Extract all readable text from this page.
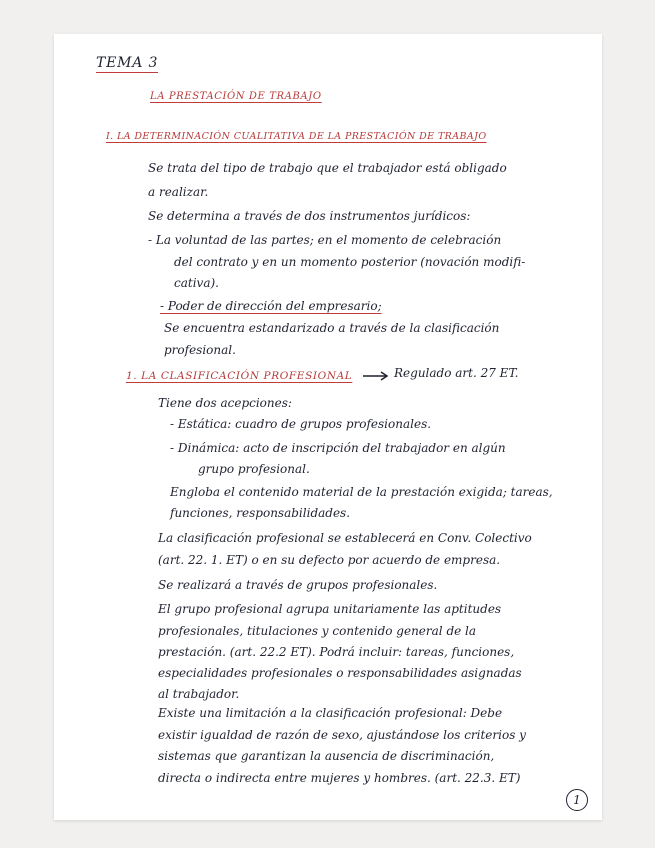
TEMA 3
LA PRESTACIÓN DE TRABAJO
I. LA DETERMINACIÓN CUALITATIVA DE LA PRESTACIÓN DE TRABAJO
Se trata del tipo de trabajo que el trabajador está obligado
a realizar.
Se determina a través de dos instrumentos jurídicos:
- La voluntad de las partes; en el momento de celebración
del contrato y en un momento posterior (novación modifi-
cativa).
- Poder de dirección del empresario;
Se encuentra estandarizado a través de la clasificación
profesional.
1. LA CLASIFICACIÓN PROFESIONAL	Regulado art. 27 ET.
Tiene dos acepciones:
- Estática: cuadro de grupos profesionales.
- Dinámica: acto de inscripción del trabajador en algún
grupo profesional.
Engloba el contenido material de la prestación exigida; tareas,
funciones, responsabilidades.
La clasificación profesional se establecerá en Conv. Colectivo
(art. 22. 1. ET) o en su defecto por acuerdo de empresa.
Se realizará a través de grupos profesionales.
El grupo profesional agrupa unitariamente las aptitudes
profesionales, titulaciones y contenido general de la
prestación. (art. 22.2 ET). Podrá incluir: tareas, funciones,
especialidades profesionales o responsabilidades asignadas
al trabajador.
Existe una limitación a la clasificación profesional: Debe
existir igualdad de razón de sexo, ajustándose los criterios y
sistemas que garantizan la ausencia de discriminación,
directa o indirecta entre mujeres y hombres. (art. 22.3. ET)
1
